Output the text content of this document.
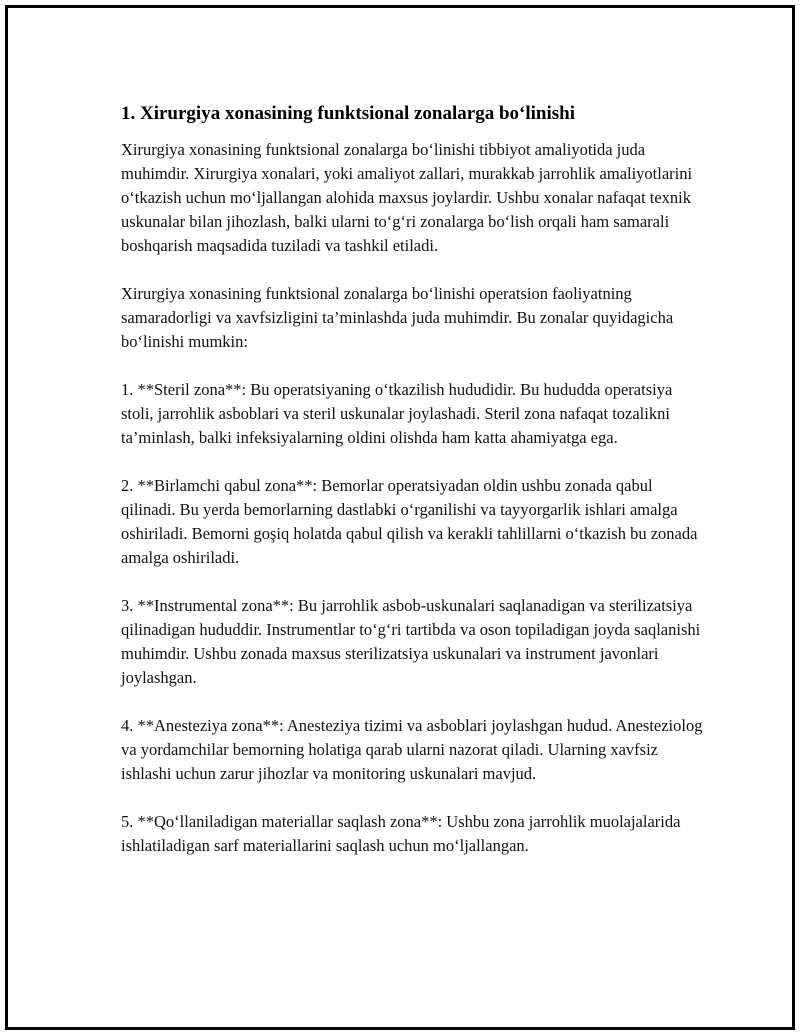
1. Xirurgiya xonasining funktsional zonalarga bo‘linishi

Xirurgiya xonasining funktsional zonalarga bo‘linishi tibbiyot amaliyotida juda muhimdir. Xirurgiya xonalari, yoki amaliyot zallari, murakkab jarrohlik amaliyotlarini o‘tkazish uchun mo‘ljallangan alohida maxsus joylardir. Ushbu xonalar nafaqat texnik uskunalar bilan jihozlash, balki ularni to‘g‘ri zonalarga bo‘lish orqali ham samarali boshqarish maqsadida tuziladi va tashkil etiladi.

Xirurgiya xonasining funktsional zonalarga bo‘linishi operatsion faoliyatning samaradorligi va xavfsizligini ta’minlashda juda muhimdir. Bu zonalar quyidagicha bo‘linishi mumkin:

1. **Steril zona**: Bu operatsiyaning o‘tkazilish hududidir. Bu hududda operatsiya stoli, jarrohlik asboblari va steril uskunalar joylashadi. Steril zona nafaqat tozalikni ta’minlash, balki infeksiyalarning oldini olishda ham katta ahamiyatga ega.

2. **Birlamchi qabul zona**: Bemorlar operatsiyadan oldin ushbu zonada qabul qilinadi. Bu yerda bemorlarning dastlabki o‘rganilishi va tayyorgarlik ishlari amalga oshiriladi. Bemorni goşiq holatda qabul qilish va kerakli tahlillarni o‘tkazish bu zonada amalga oshiriladi.

3. **Instrumental zona**: Bu jarrohlik asbob-uskunalari saqlanadigan va sterilizatsiya qilinadigan hududdir. Instrumentlar to‘g‘ri tartibda va oson topiladigan joyda saqlanishi muhimdir. Ushbu zonada maxsus sterilizatsiya uskunalari va instrument javonlari joylashgan.

4. **Anesteziya zona**: Anesteziya tizimi va asboblari joylashgan hudud. Anesteziolog va yordamchilar bemorning holatiga qarab ularni nazorat qiladi. Ularning xavfsiz ishlashi uchun zarur jihozlar va monitoring uskunalari mavjud.

5. **Qo‘llaniladigan materiallar saqlash zona**: Ushbu zona jarrohlik muolajalarida ishlatiladigan sarf materiallarini saqlash uchun mo‘ljallangan.
